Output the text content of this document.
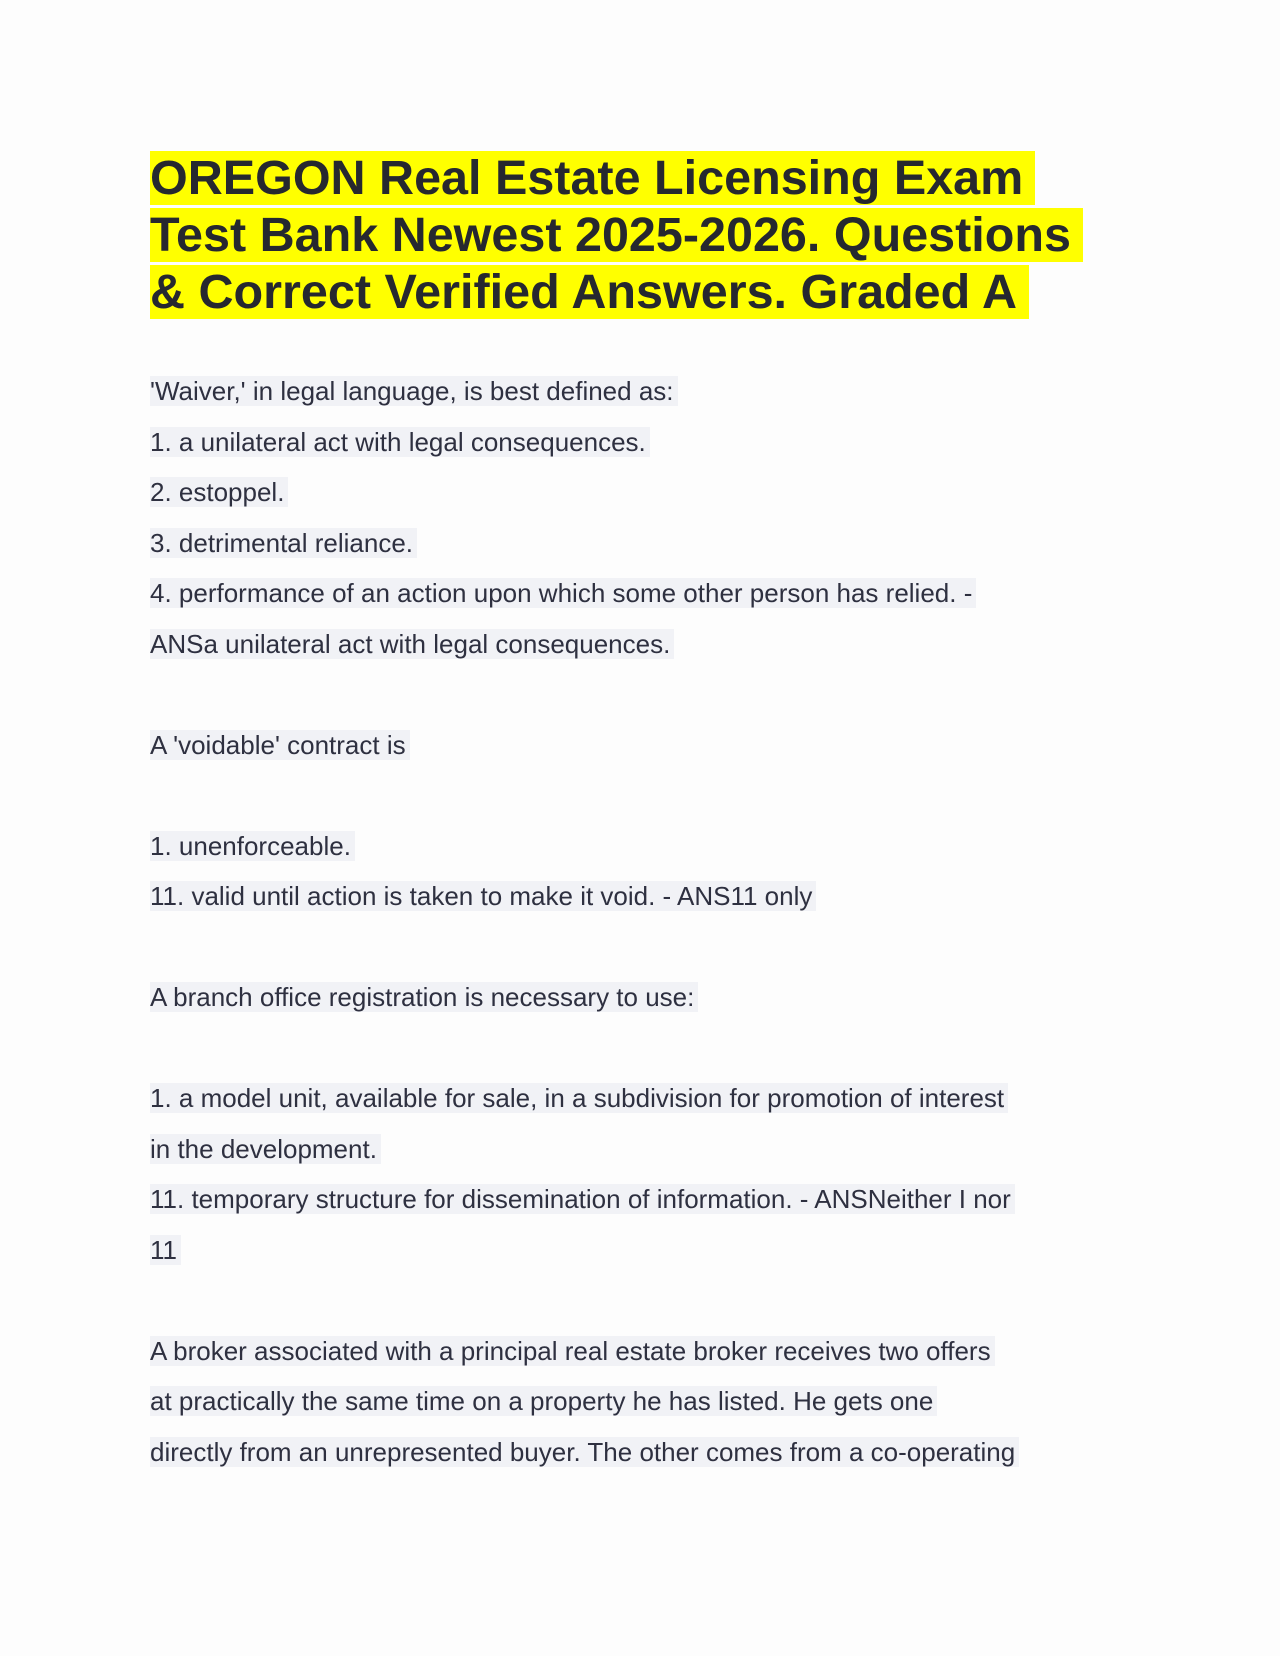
OREGON Real Estate Licensing Exam
Test Bank Newest 2025-2026. Questions
& Correct Verified Answers. Graded A
'Waiver,' in legal language, is best defined as:
1. a unilateral act with legal consequences.
2. estoppel.
3. detrimental reliance.
4. performance of an action upon which some other person has relied. -
ANSa unilateral act with legal consequences.
A 'voidable' contract is
1. unenforceable.
11. valid until action is taken to make it void. - ANS11 only
A branch office registration is necessary to use:
1. a model unit, available for sale, in a subdivision for promotion of interest
in the development.
11. temporary structure for dissemination of information. - ANSNeither I nor
11
A broker associated with a principal real estate broker receives two offers
at practically the same time on a property he has listed. He gets one
directly from an unrepresented buyer. The other comes from a co-operating
